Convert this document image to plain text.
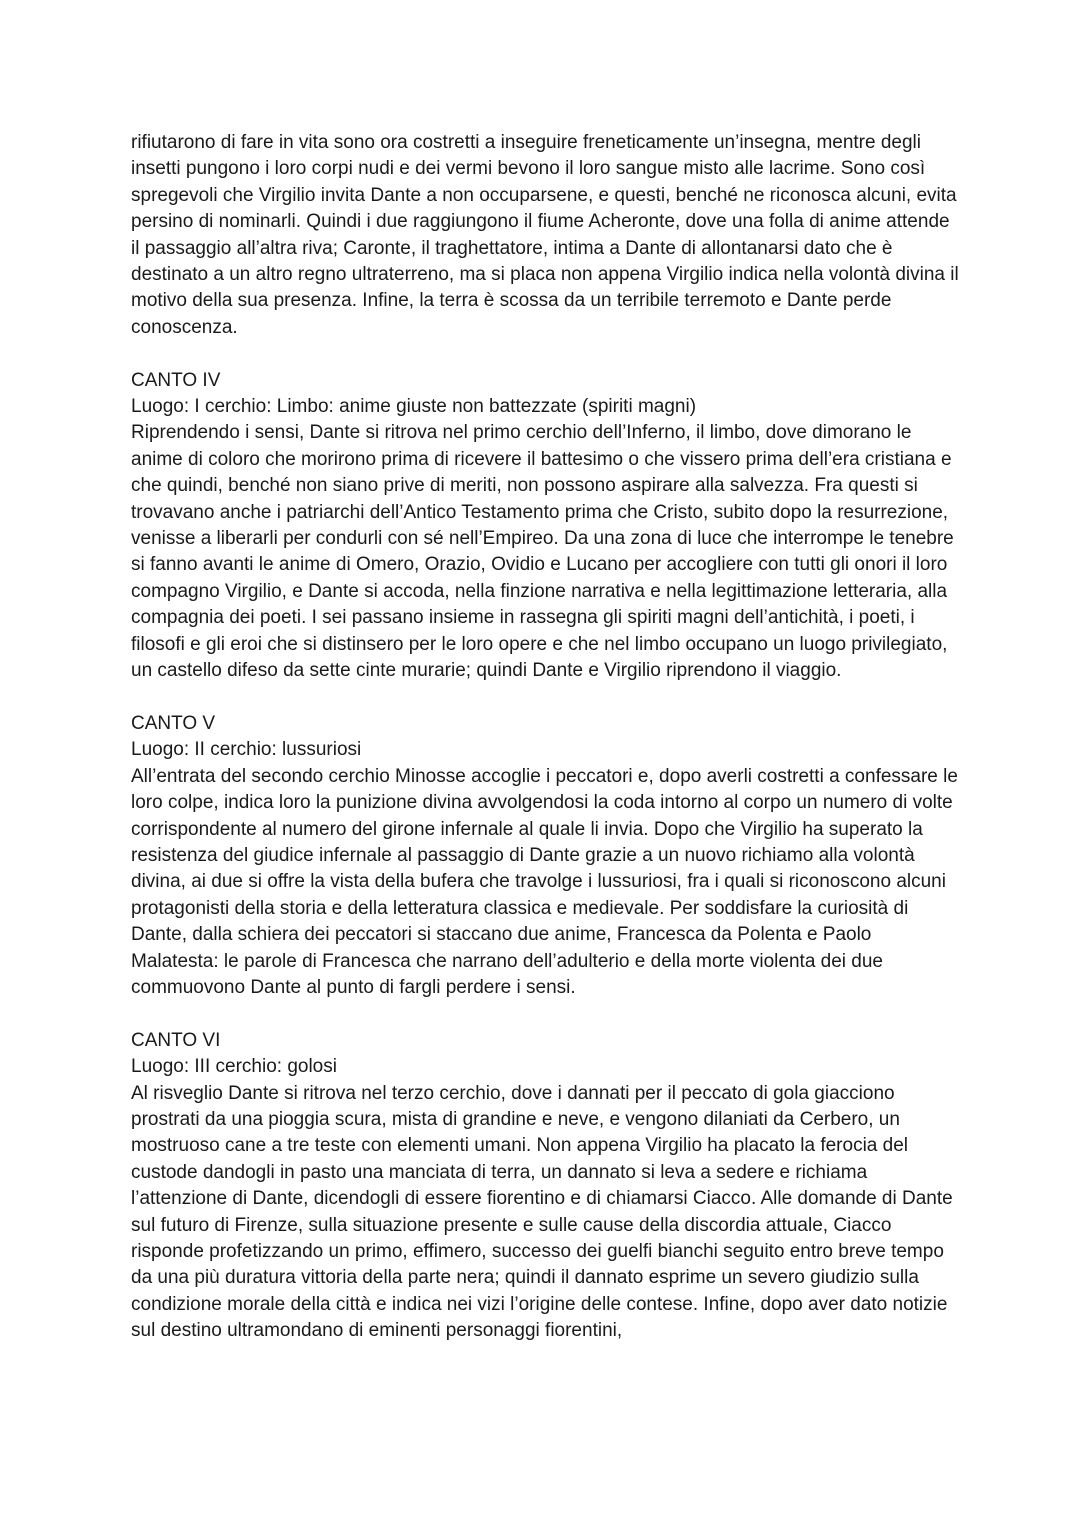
rifiutarono di fare in vita sono ora costretti a inseguire freneticamente un’insegna, mentre degli insetti pungono i loro corpi nudi e dei vermi bevono il loro sangue misto alle lacrime. Sono così spregevoli che Virgilio invita Dante a non occuparsene, e questi, benché ne riconosca alcuni, evita persino di nominarli. Quindi i due raggiungono il fiume Acheronte, dove una folla di anime attende il passaggio all’altra riva; Caronte, il traghettatore, intima a Dante di allontanarsi dato che è destinato a un altro regno ultraterreno, ma si placa non appena Virgilio indica nella volontà divina il motivo della sua presenza. Infine, la terra è scossa da un terribile terremoto e Dante perde conoscenza.

CANTO IV

Luogo: I cerchio: Limbo: anime giuste non battezzate (spiriti magni)

Riprendendo i sensi, Dante si ritrova nel primo cerchio dell’Inferno, il limbo, dove dimorano le anime di coloro che morirono prima di ricevere il battesimo o che vissero prima dell’era cristiana e che quindi, benché non siano prive di meriti, non possono aspirare alla salvezza. Fra questi si trovavano anche i patriarchi dell’Antico Testamento prima che Cristo, subito dopo la resurrezione, venisse a liberarli per condurli con sé nell’Empireo. Da una zona di luce che interrompe le tenebre si fanno avanti le anime di Omero, Orazio, Ovidio e Lucano per accogliere con tutti gli onori il loro compagno Virgilio, e Dante si accoda, nella finzione narrativa e nella legittimazione letteraria, alla compagnia dei poeti. I sei passano insieme in rassegna gli spiriti magni dell’antichità, i poeti, i filosofi e gli eroi che si distinsero per le loro opere e che nel limbo occupano un luogo privilegiato, un castello difeso da sette cinte murarie; quindi Dante e Virgilio riprendono il viaggio.

CANTO V

Luogo: II cerchio: lussuriosi

All’entrata del secondo cerchio Minosse accoglie i peccatori e, dopo averli costretti a confessare le loro colpe, indica loro la punizione divina avvolgendosi la coda intorno al corpo un numero di volte corrispondente al numero del girone infernale al quale li invia. Dopo che Virgilio ha superato la resistenza del giudice infernale al passaggio di Dante grazie a un nuovo richiamo alla volontà divina, ai due si offre la vista della bufera che travolge i lussuriosi, fra i quali si riconoscono alcuni protagonisti della storia e della letteratura classica e medievale. Per soddisfare la curiosità di Dante, dalla schiera dei peccatori si staccano due anime, Francesca da Polenta e Paolo Malatesta: le parole di Francesca che narrano dell’adulterio e della morte violenta dei due commuovono Dante al punto di fargli perdere i sensi.

CANTO VI

Luogo: III cerchio: golosi

Al risveglio Dante si ritrova nel terzo cerchio, dove i dannati per il peccato di gola giacciono prostrati da una pioggia scura, mista di grandine e neve, e vengono dilaniati da Cerbero, un mostruoso cane a tre teste con elementi umani. Non appena Virgilio ha placato la ferocia del custode dandogli in pasto una manciata di terra, un dannato si leva a sedere e richiama l’attenzione di Dante, dicendogli di essere fiorentino e di chiamarsi Ciacco. Alle domande di Dante sul futuro di Firenze, sulla situazione presente e sulle cause della discordia attuale, Ciacco risponde profetizzando un primo, effimero, successo dei guelfi bianchi seguito entro breve tempo da una più duratura vittoria della parte nera; quindi il dannato esprime un severo giudizio sulla condizione morale della città e indica nei vizi l’origine delle contese. Infine, dopo aver dato notizie sul destino ultramondano di eminenti personaggi fiorentini,
